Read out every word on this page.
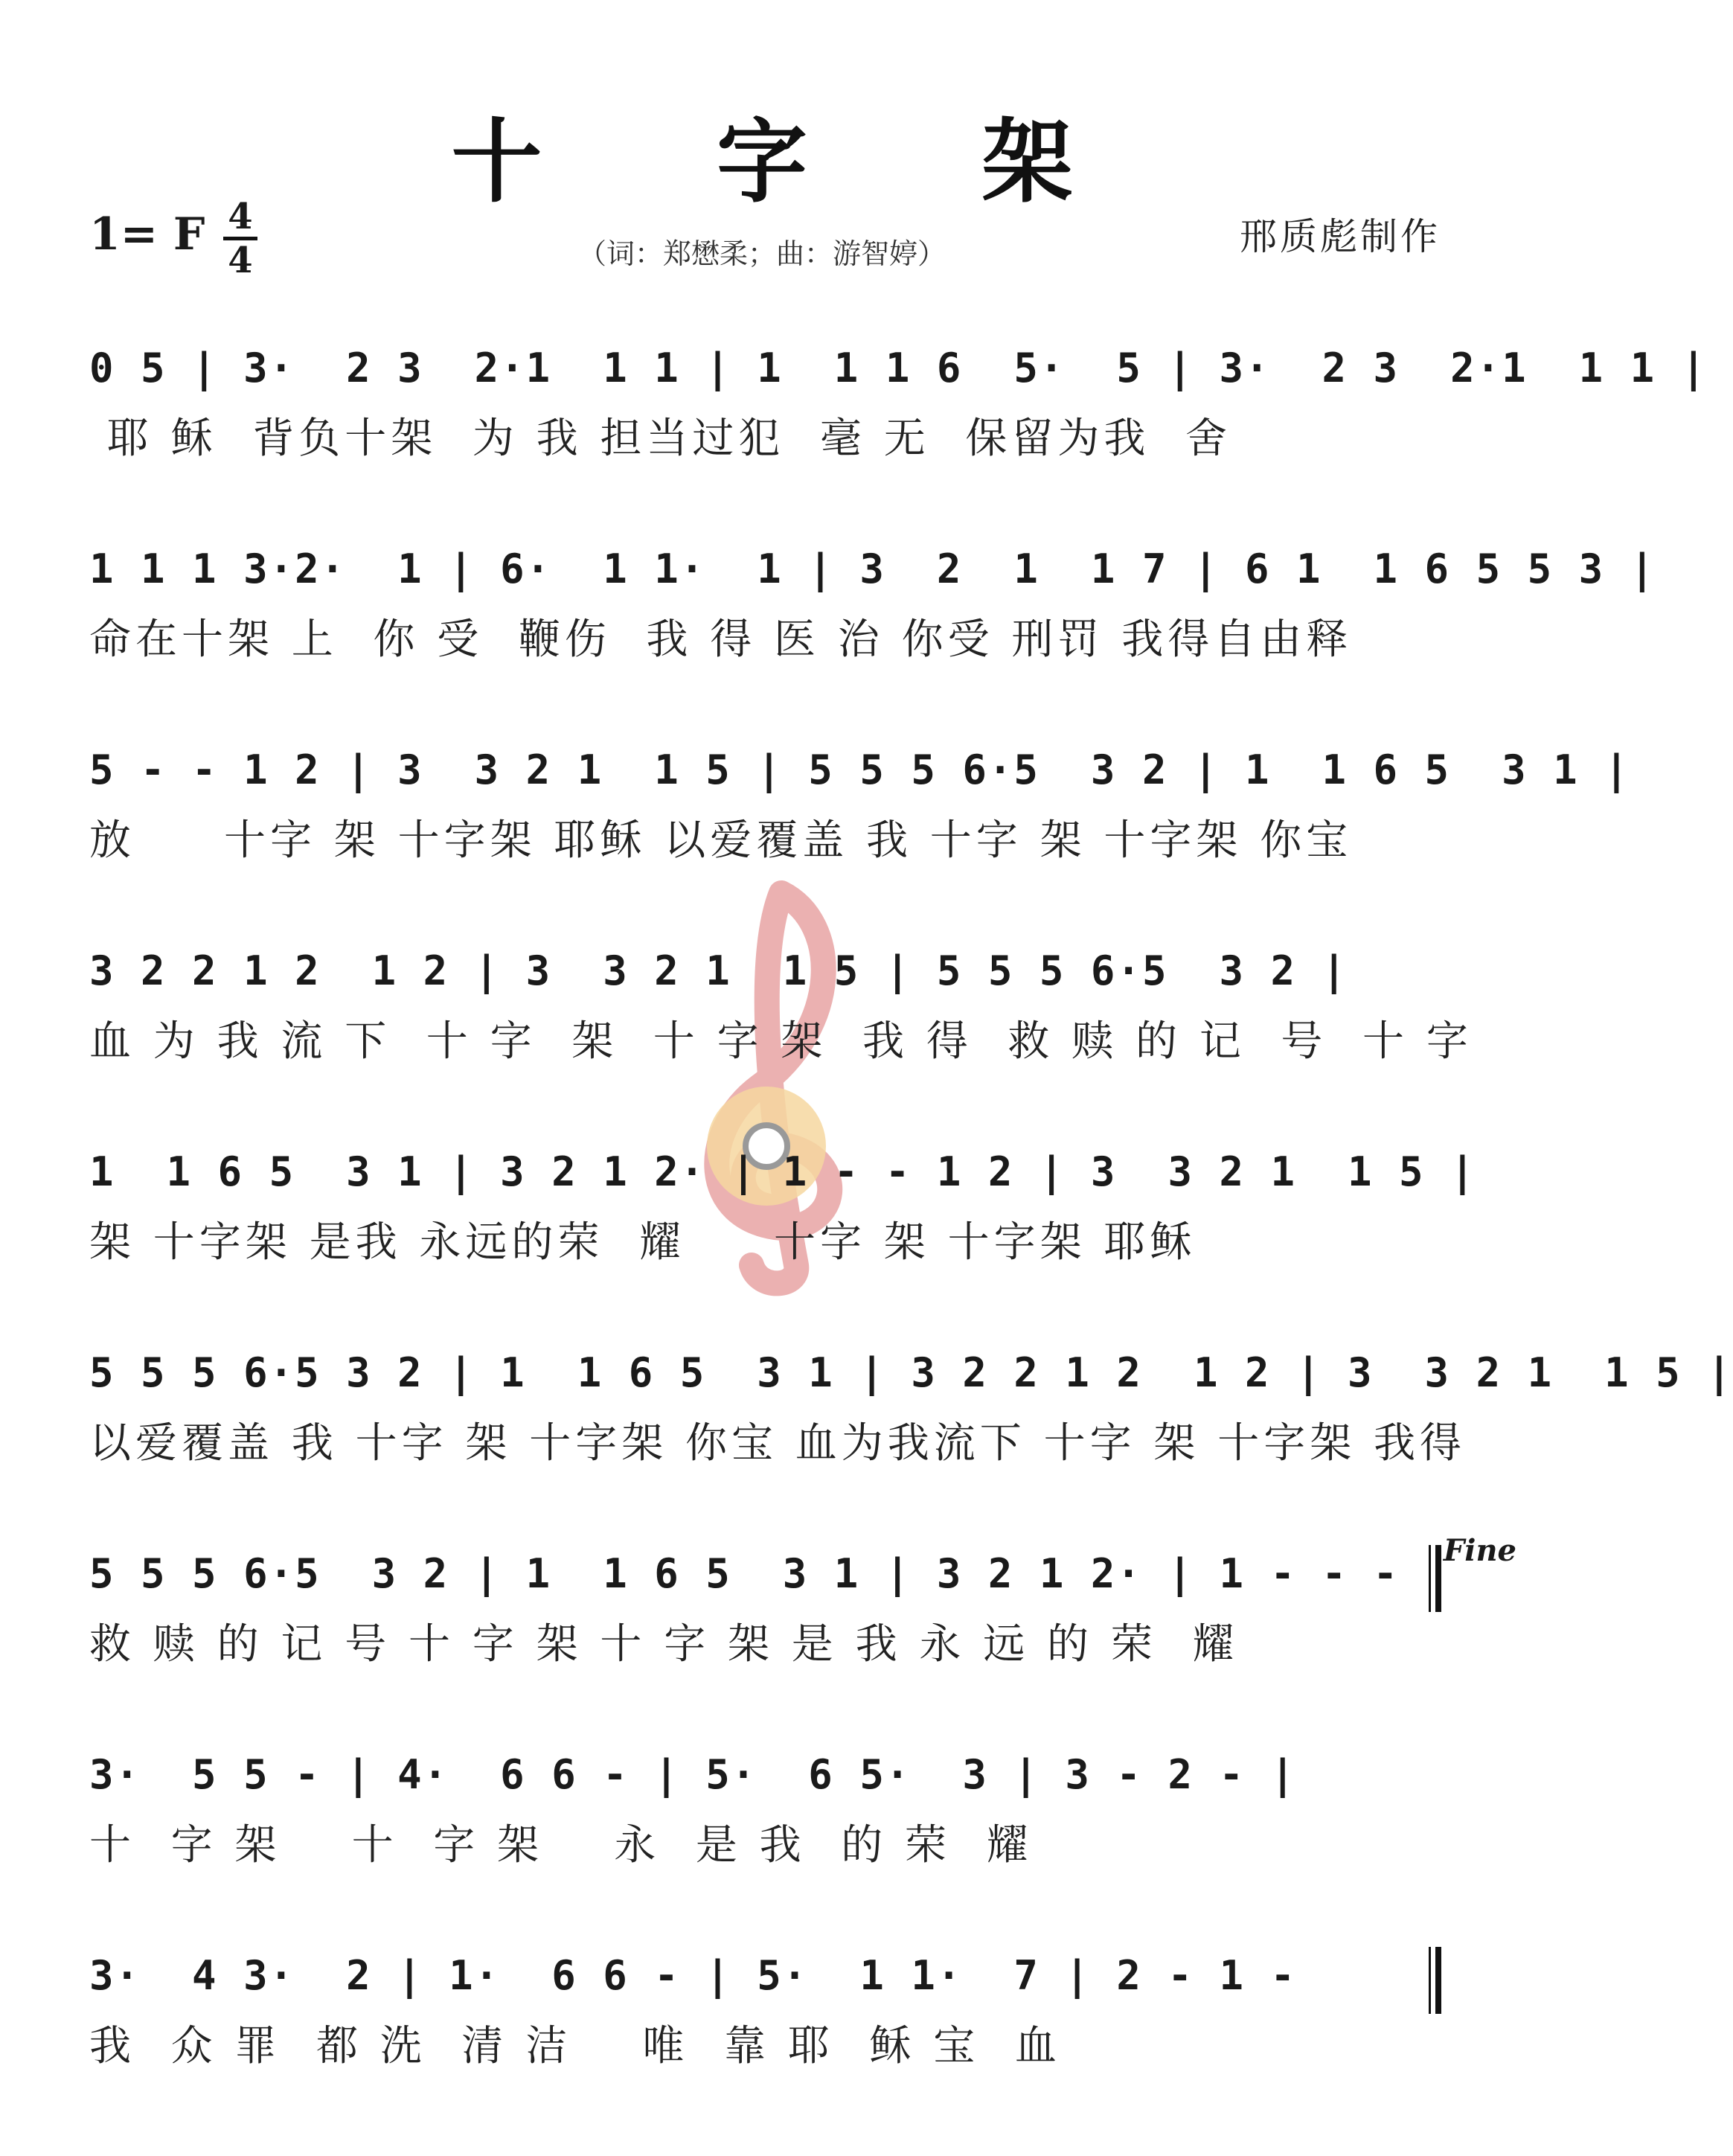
十 字 架
1= F 4
4	（词：郑懋柔；曲：游智婷）	邢质彪制作
0 5 | 3·  2 3  2·1  1 1 | 1  1 1 6  5·  5 | 3·  2 3  2·1  1 1 |
耶 稣  背负十架  为 我 担当过犯  毫 无  保留为我  舍
1 1 1 3·2·  1 | 6·  1 1·  1 | 3  2  1  1 7 | 6 1  1 6 5 5 3 |
命在十架 上  你 受  鞭伤  我 得 医 治 你受 刑罚 我得自由释
5 - - 1 2 | 3  3 2 1  1 5 | 5 5 5 6·5  3 2 | 1  1 6 5  3 1 |
放     十字 架 十字架 耶稣 以爱覆盖 我 十字 架 十字架 你宝
3 2 2 1 2  1 2 | 3  3 2 1  1 5 | 5 5 5 6·5  3 2 |
血 为 我 流 下  十 字  架  十 字 架  我 得  救 赎 的 记  号  十 字
1  1 6 5  3 1 | 3 2 1 2· | 1 - - 1 2 | 3  3 2 1  1 5 |
架 十字架 是我 永远的荣  耀     十字 架 十字架 耶稣
5 5 5 6·5 3 2 | 1  1 6 5  3 1 | 3 2 2 1 2  1 2 | 3  3 2 1  1 5 |
以爱覆盖 我 十字 架 十字架 你宝 血为我流下 十字 架 十字架 我得
5 5 5 6·5  3 2 | 1  1 6 5  3 1 | 3 2 1 2· | 1 - - -
救 赎 的 记 号 十 字 架 十 字 架 是 我 永 远 的 荣  耀
3·  5 5 - | 4·  6 6 - | 5·  6 5·  3 | 3 - 2 - |
十  字 架    十  字 架    永  是 我  的 荣  耀
3·  4 3·  2 | 1·  6 6 - | 5·  1 1·  7 | 2 - 1 -
我  众 罪  都 洗  清 洁    唯  靠 耶  稣 宝  血
Fine
